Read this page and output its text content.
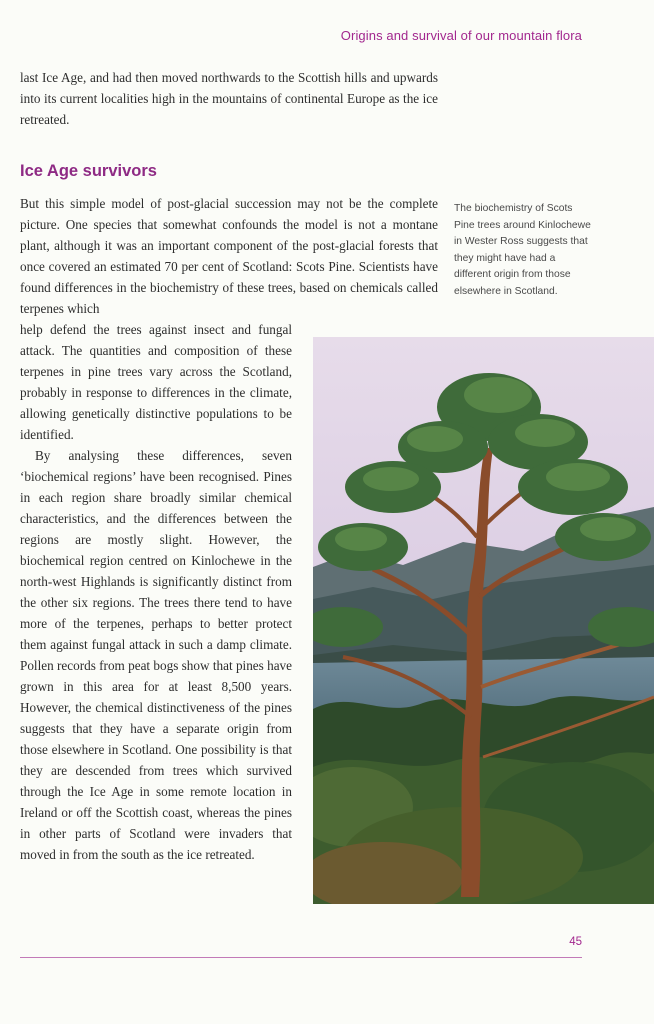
Origins and survival of our mountain flora

last Ice Age, and had then moved northwards to the Scottish hills and upwards into its current localities high in the mountains of continental Europe as the ice retreated.

Ice Age survivors

But this simple model of post-glacial succession may not be the complete picture. One species that somewhat confounds the model is not a montane plant, although it was an important component of the post-glacial forests that once covered an estimated 70 per cent of Scotland: Scots Pine. Scientists have found differences in the biochemistry of these trees, based on chemicals called terpenes which

The biochemistry of Scots Pine trees around Kinlochewe in Wester Ross suggests that they might have had a different origin from those elsewhere in Scotland.

help defend the trees against insect and fungal attack. The quantities and composition of these terpenes in pine trees vary across the Scotland, probably in response to differences in the climate, allowing genetically distinctive populations to be identified.

By analysing these differences, seven ‘biochemical regions’ have been recognised. Pines in each region share broadly similar chemical characteristics, and the differences between the regions are mostly slight. However, the biochemical region centred on Kinlochewe in the north-west Highlands is significantly distinct from the other six regions. The trees there tend to have more of the terpenes, perhaps to better protect them against fungal attack in such a damp climate. Pollen records from peat bogs show that pines have grown in this area for at least 8,500 years. However, the chemical distinctiveness of the pines suggests that they have a separate origin from those elsewhere in Scotland. One possibility is that they are descended from trees which survived through the Ice Age in some remote location in Ireland or off the Scottish coast, whereas the pines in other parts of Scotland were invaders that moved in from the south as the ice retreated.

45
